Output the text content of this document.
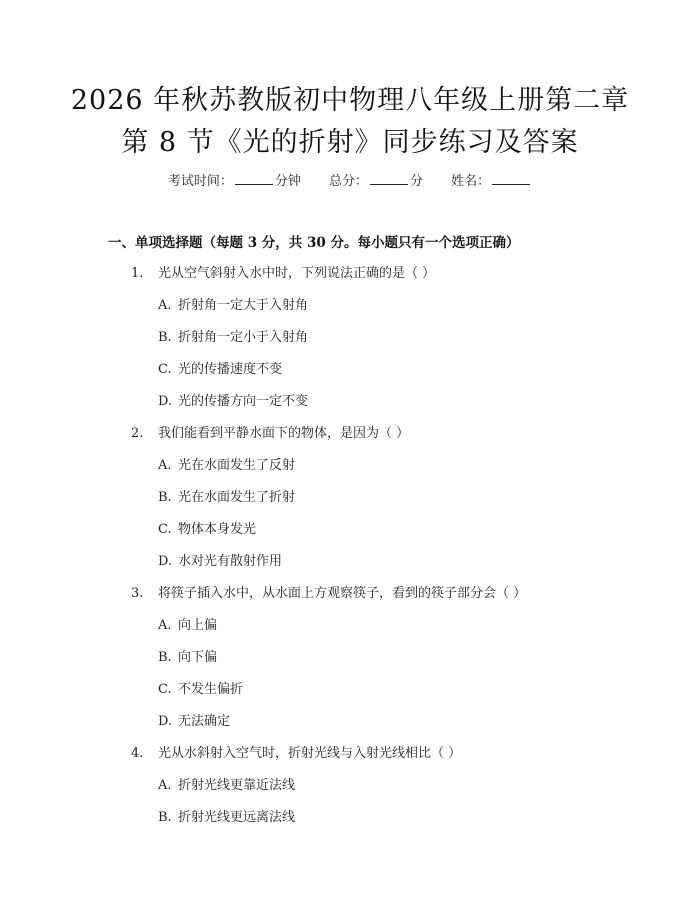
2026 年秋苏教版初中物理八年级上册第二章
第 8 节《光的折射》同步练习及答案
考试时间：	分钟 总分：	分 姓名：
一、单项选择题（每题 3 分，共 30 分。每小题只有一个选项正确）
1. 光从空气斜射入水中时，下列说法正确的是（ ）
A. 折射角一定大于入射角
B. 折射角一定小于入射角
C. 光的传播速度不变
D. 光的传播方向一定不变
2. 我们能看到平静水面下的物体，是因为（ ）
A. 光在水面发生了反射
B. 光在水面发生了折射
C. 物体本身发光
D. 水对光有散射作用
3. 将筷子插入水中，从水面上方观察筷子，看到的筷子部分会（ ）
A. 向上偏
B. 向下偏
C. 不发生偏折
D. 无法确定
4. 光从水斜射入空气时，折射光线与入射光线相比（ ）
A. 折射光线更靠近法线
B. 折射光线更远离法线
